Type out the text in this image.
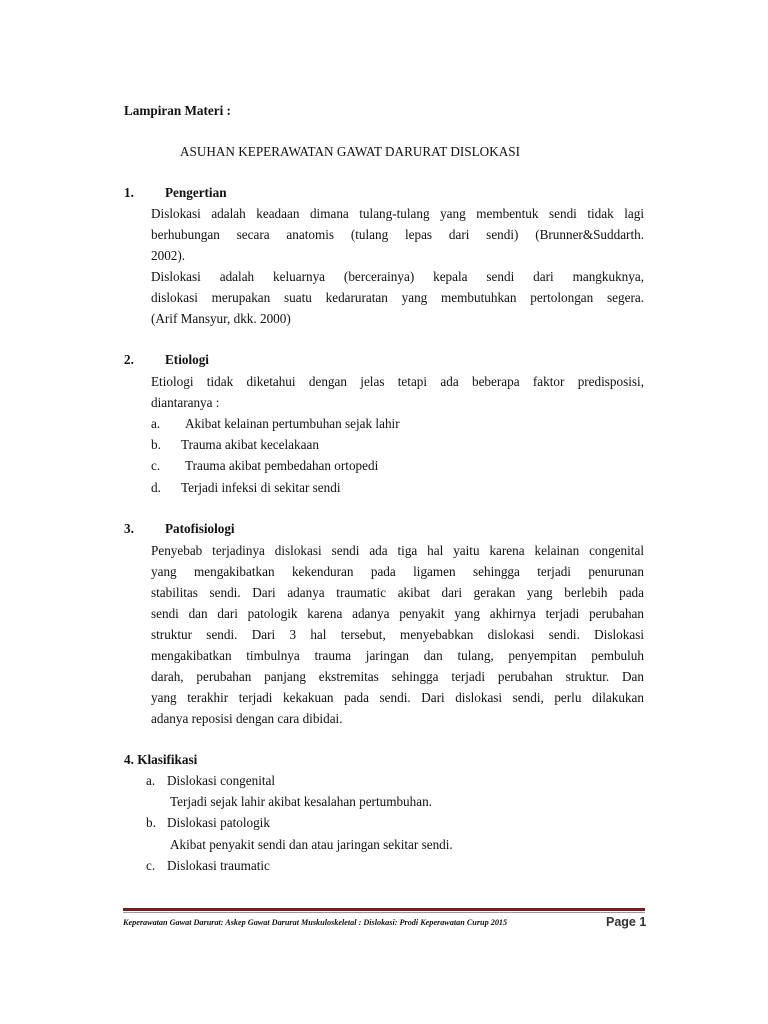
Lampiran Materi :
ASUHAN KEPERAWATAN GAWAT DARURAT DISLOKASI
1. Pengertian
Dislokasi adalah keadaan dimana tulang-tulang yang membentuk sendi tidak lagi
berhubungan secara anatomis (tulang lepas dari sendi) (Brunner&Suddarth.
2002).
Dislokasi adalah keluarnya (bercerainya) kepala sendi dari mangkuknya,
dislokasi merupakan suatu kedaruratan yang membutuhkan pertolongan segera.
(Arif Mansyur, dkk. 2000)
2. Etiologi
Etiologi tidak diketahui dengan jelas tetapi ada beberapa faktor predisposisi,
diantaranya :
a. Akibat kelainan pertumbuhan sejak lahir
b. Trauma akibat kecelakaan
c. Trauma akibat pembedahan ortopedi
d. Terjadi infeksi di sekitar sendi
3. Patofisiologi
Penyebab terjadinya dislokasi sendi ada tiga hal yaitu karena kelainan congenital
yang mengakibatkan kekenduran pada ligamen sehingga terjadi penurunan
stabilitas sendi. Dari adanya traumatic akibat dari gerakan yang berlebih pada
sendi dan dari patologik karena adanya penyakit yang akhirnya terjadi perubahan
struktur sendi. Dari 3 hal tersebut, menyebabkan dislokasi sendi. Dislokasi
mengakibatkan timbulnya trauma jaringan dan tulang, penyempitan pembuluh
darah, perubahan panjang ekstremitas sehingga terjadi perubahan struktur. Dan
yang terakhir terjadi kekakuan pada sendi. Dari dislokasi sendi, perlu dilakukan
adanya reposisi dengan cara dibidai.
4. Klasifikasi
a. Dislokasi congenital
Terjadi sejak lahir akibat kesalahan pertumbuhan.
b. Dislokasi patologik
Akibat penyakit sendi dan atau jaringan sekitar sendi.
c. Dislokasi traumatic
Keperawatan Gawat Darurat: Askep Gawat Darurat Muskuloskeletal : Dislokasi: Prodi Keperawatan Curup 2015	Page 1
